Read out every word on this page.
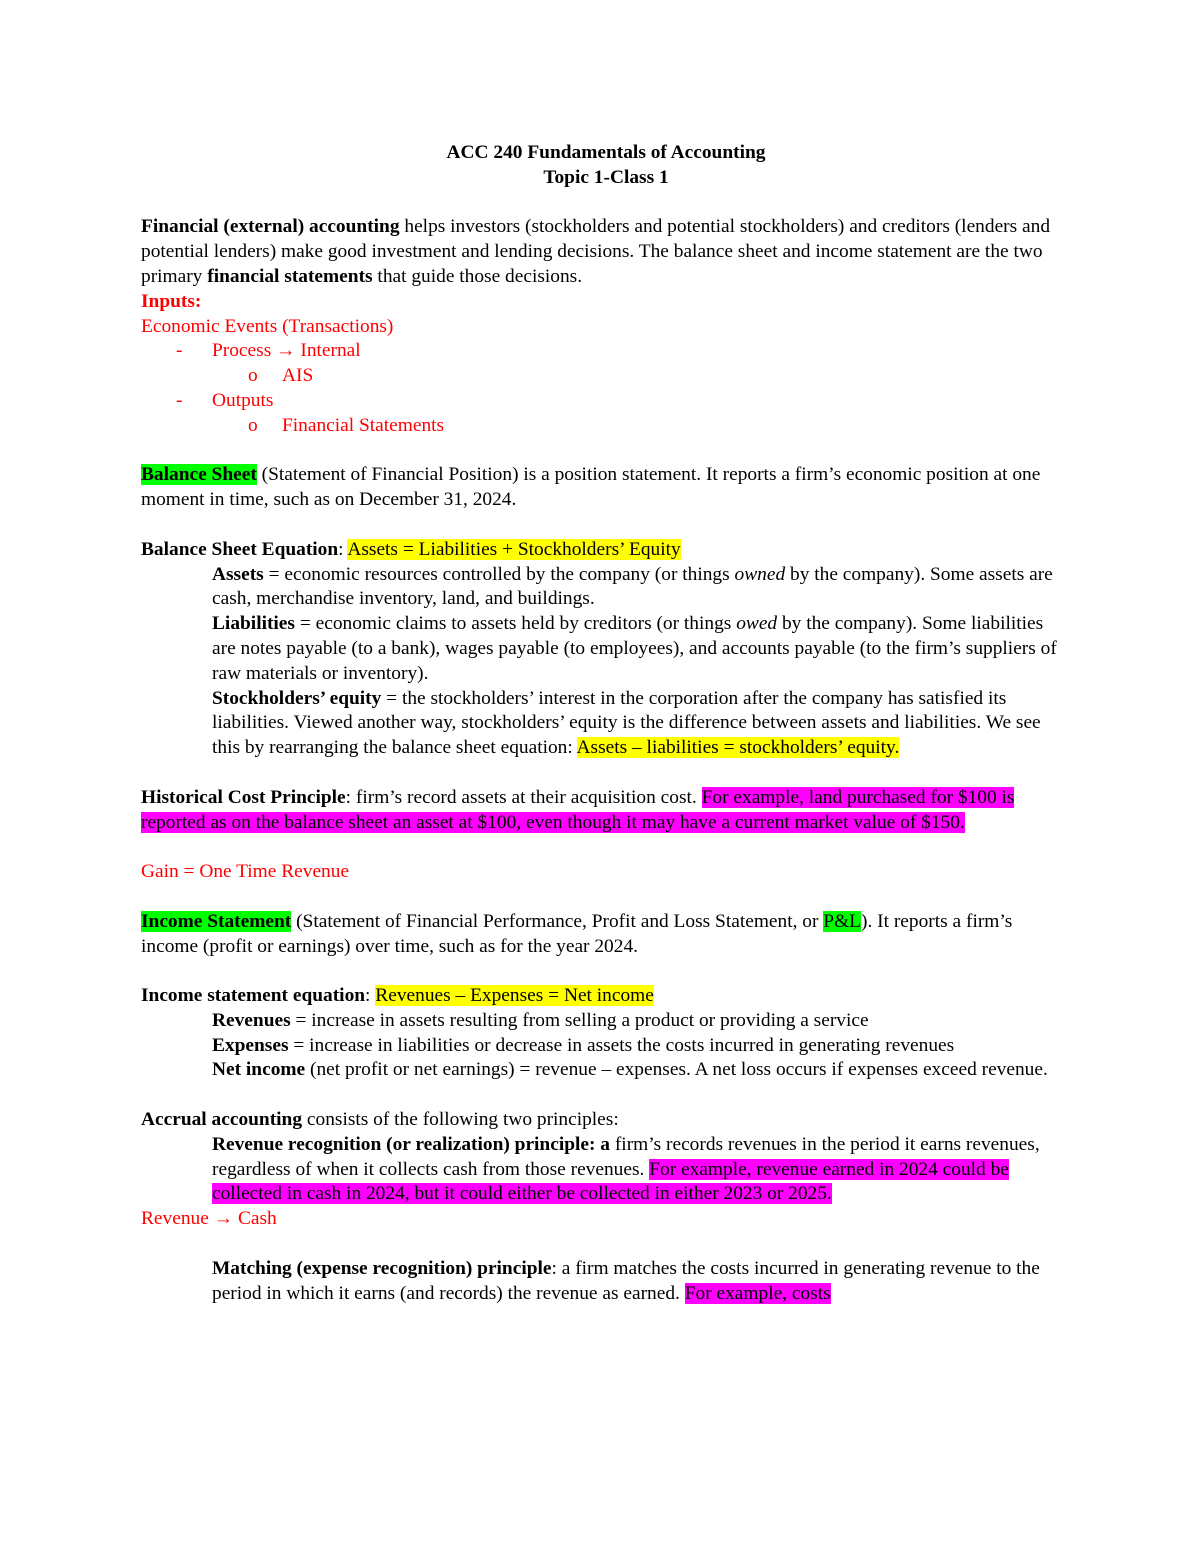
ACC 240 Fundamentals of Accounting

Topic 1-Class 1

Financial (external) accounting helps investors (stockholders and potential stockholders) and creditors (lenders and potential lenders) make good investment and lending decisions. The balance sheet and income statement are the two primary financial statements that guide those decisions.

Inputs:

Economic Events (Transactions)

-	Process → Internal
o	AIS
-	Outputs
o	Financial Statements

Balance Sheet (Statement of Financial Position) is a position statement. It reports a firm’s economic position at one moment in time, such as on December 31, 2024.

Balance Sheet Equation: Assets = Liabilities + Stockholders’ Equity

Assets = economic resources controlled by the company (or things owned by the company). Some assets are cash, merchandise inventory, land, and buildings.

Liabilities = economic claims to assets held by creditors (or things owed by the company). Some liabilities are notes payable (to a bank), wages payable (to employees), and accounts payable (to the firm’s suppliers of raw materials or inventory).

Stockholders’ equity = the stockholders’ interest in the corporation after the company has satisfied its liabilities. Viewed another way, stockholders’ equity is the difference between assets and liabilities. We see this by rearranging the balance sheet equation: Assets – liabilities = stockholders’ equity.

Historical Cost Principle: firm’s record assets at their acquisition cost. For example, land purchased for $100 is reported as on the balance sheet an asset at $100, even though it may have a current market value of $150.

Gain = One Time Revenue

Income Statement (Statement of Financial Performance, Profit and Loss Statement, or P&L). It reports a firm’s income (profit or earnings) over time, such as for the year 2024.

Income statement equation: Revenues – Expenses = Net income

Revenues = increase in assets resulting from selling a product or providing a service

Expenses = increase in liabilities or decrease in assets the costs incurred in generating revenues

Net income (net profit or net earnings) = revenue – expenses. A net loss occurs if expenses exceed revenue.

Accrual accounting consists of the following two principles:

Revenue recognition (or realization) principle: a firm’s records revenues in the period it earns revenues, regardless of when it collects cash from those revenues. For example, revenue earned in 2024 could be collected in cash in 2024, but it could either be collected in either 2023 or 2025.

Revenue → Cash

Matching (expense recognition) principle: a firm matches the costs incurred in generating revenue to the period in which it earns (and records) the revenue as earned. For example, costs
